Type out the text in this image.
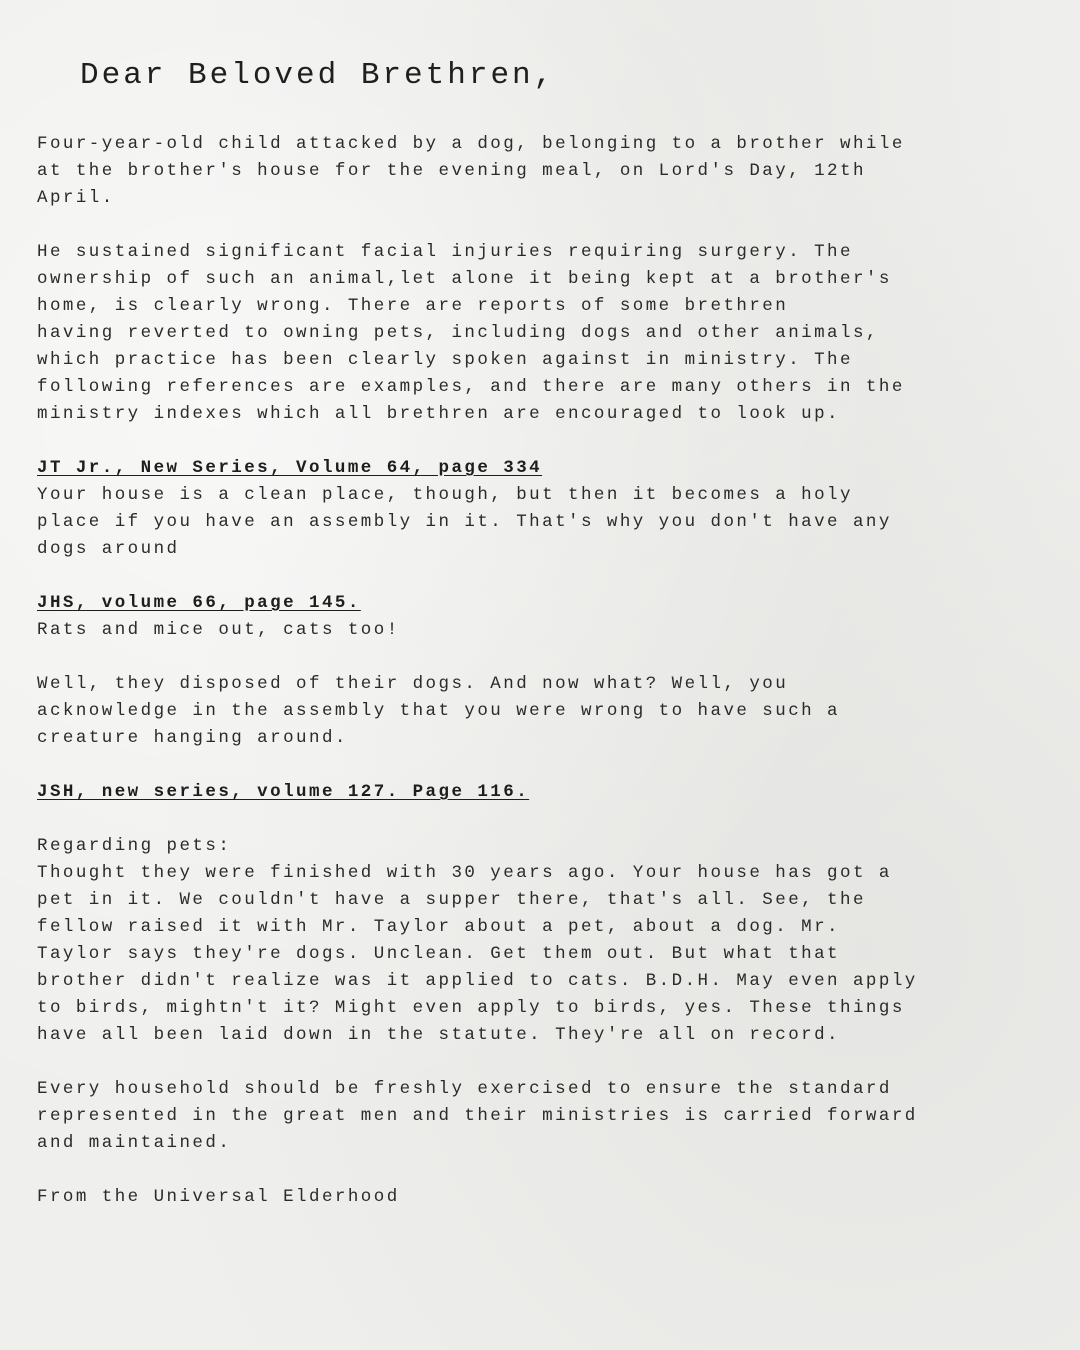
Dear Beloved Brethren,

Four-year-old child attacked by a dog, belonging to a brother while

at the brother's house for the evening meal, on Lord's Day, 12th

April.

He sustained significant facial injuries requiring surgery. The

ownership of such an animal,let alone it being kept at a brother's

home, is clearly wrong. There are reports of some brethren

having reverted to owning pets, including dogs and other animals,

which practice has been clearly spoken against in ministry. The

following references are examples, and there are many others in the

ministry indexes which all brethren are encouraged to look up.

JT Jr., New Series, Volume 64, page 334

Your house is a clean place, though, but then it becomes a holy

place if you have an assembly in it. That's why you don't have any

dogs around

JHS, volume 66, page 145.

Rats and mice out, cats too!

Well, they disposed of their dogs. And now what? Well, you

acknowledge in the assembly that you were wrong to have such a

creature hanging around.

JSH, new series, volume 127. Page 116.

Regarding pets:

Thought they were finished with 30 years ago. Your house has got a

pet in it. We couldn't have a supper there, that's all. See, the

fellow raised it with Mr. Taylor about a pet, about a dog. Mr.

Taylor says they're dogs. Unclean. Get them out. But what that

brother didn't realize was it applied to cats. B.D.H. May even apply

to birds, mightn't it? Might even apply to birds, yes. These things

have all been laid down in the statute. They're all on record.

Every household should be freshly exercised to ensure the standard

represented in the great men and their ministries is carried forward

and maintained.

From the Universal Elderhood
